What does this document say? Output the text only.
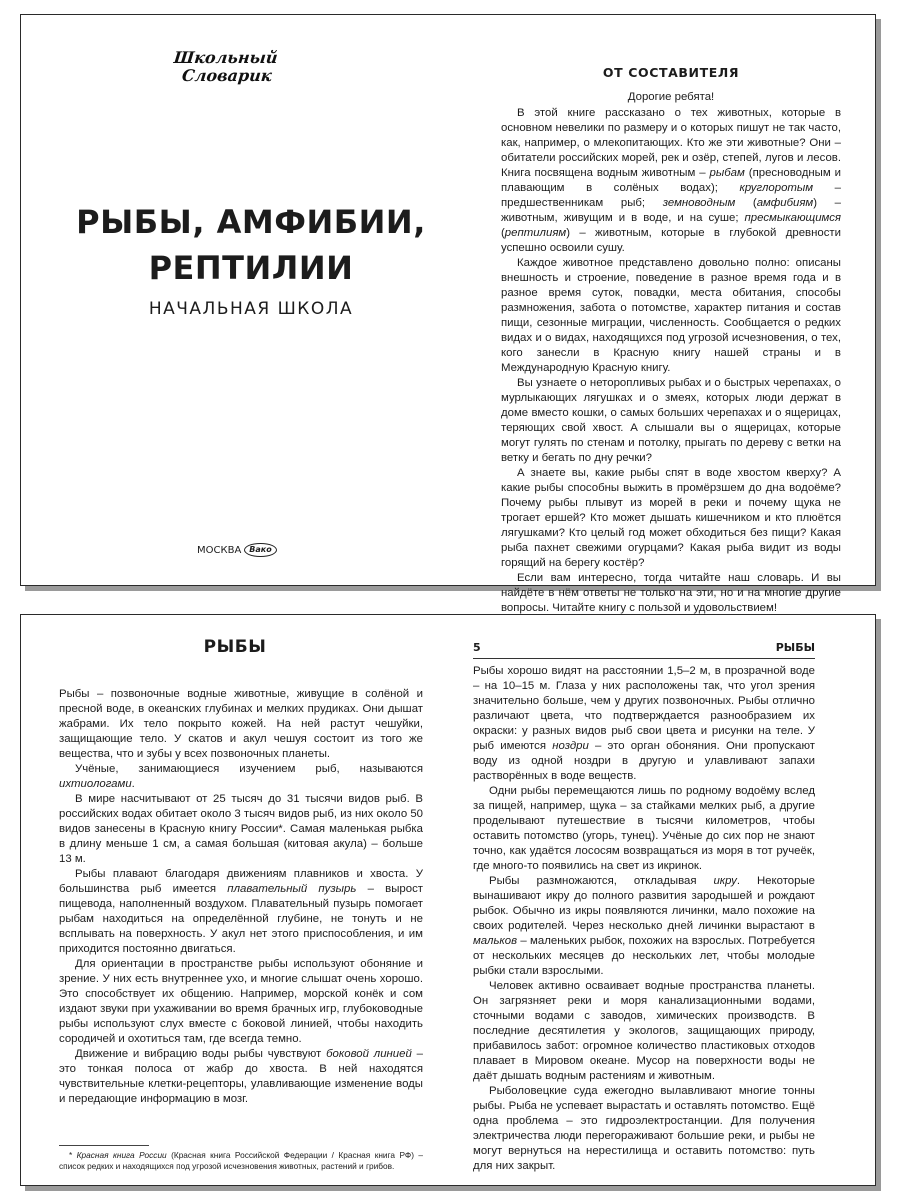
Школьный
Словарик
РЫБЫ, АМФИБИИ,
РЕПТИЛИИ
НАЧАЛЬНАЯ ШКОЛА
МОСКВА	Вако
ОТ СОСТАВИТЕЛЯ
Дорогие ребята!

В этой книге рассказано о тех животных, которые в основном невелики по размеру и о которых пишут не так часто, как, например, о млекопитающих. Кто же эти животные? Они – обитатели российских морей, рек и озёр, степей, лугов и лесов. Книга посвящена водным животным – рыбам (пресноводным и плавающим в солёных водах); круглоротым – предшественникам рыб; земноводным (амфибиям) – животным, живущим и в воде, и на суше; пресмыкающимся (рептилиям) – животным, которые в глубокой древности успешно освоили сушу.

Каждое животное представлено довольно полно: описаны внешность и строение, поведение в разное время года и в разное время суток, повадки, места обитания, способы размножения, забота о потомстве, характер питания и состав пищи, сезонные миграции, численность. Сообщается о редких видах и о видах, находящихся под угрозой исчезновения, о тех, кого занесли в Красную книгу нашей страны и в Международную Красную книгу.

Вы узнаете о неторопливых рыбах и о быстрых черепахах, о мурлыкающих лягушках и о змеях, которых люди держат в доме вместо кошки, о самых больших черепахах и о ящерицах, теряющих свой хвост. А слышали вы о ящерицах, которые могут гулять по стенам и потолку, прыгать по дереву с ветки на ветку и бегать по дну речки?

А знаете вы, какие рыбы спят в воде хвостом кверху? А какие рыбы способны выжить в промёрзшем до дна водоёме? Почему рыбы плывут из морей в реки и почему щука не трогает ершей? Кто может дышать кишечником и кто плюётся лягушками? Кто целый год может обходиться без пищи? Какая рыба пахнет свежими огурцами? Какая рыба видит из воды горящий на берегу костёр?

Если вам интересно, тогда читайте наш словарь. И вы найдёте в нём ответы не только на эти, но и на многие другие вопросы. Читайте книгу с пользой и удовольствием!

РЫБЫ

Рыбы – позвоночные водные животные, живущие в солёной и пресной воде, в океанских глубинах и мелких прудиках. Они дышат жабрами. Их тело покрыто кожей. На ней растут чешуйки, защищающие тело. У скатов и акул чешуя состоит из того же вещества, что и зубы у всех позвоночных планеты.

Учёные, занимающиеся изучением рыб, называются ихтиологами.

В мире насчитывают от 25 тысяч до 31 тысячи видов рыб. В российских водах обитает около 3 тысяч видов рыб, из них около 50 видов занесены в Красную книгу России*. Самая маленькая рыбка в длину меньше 1 см, а самая большая (китовая акула) – больше 13 м.

Рыбы плавают благодаря движениям плавников и хвоста. У большинства рыб имеется плавательный пузырь – вырост пищевода, наполненный воздухом. Плавательный пузырь помогает рыбам находиться на определённой глубине, не тонуть и не всплывать на поверхность. У акул нет этого приспособления, и им приходится постоянно двигаться.

Для ориентации в пространстве рыбы используют обоняние и зрение. У них есть внутреннее ухо, и многие слышат очень хорошо. Это способствует их общению. Например, морской конёк и сом издают звуки при ухаживании во время брачных игр, глубоководные рыбы используют слух вместе с боковой линией, чтобы находить сородичей и охотиться там, где всегда темно.

Движение и вибрацию воды рыбы чувствуют боковой линией – это тонкая полоса от жабр до хвоста. В ней находятся чувствительные клетки-рецепторы, улавливающие изменение воды и передающие информацию в мозг.

* Красная книга России (Красная книга Российской Федерации / Красная книга РФ) – список редких и находящихся под угрозой исчезновения животных, растений и грибов.
5	РЫБЫ

Рыбы хорошо видят на расстоянии 1,5–2 м, в прозрачной воде – на 10–15 м. Глаза у них расположены так, что угол зрения значительно больше, чем у других позвоночных. Рыбы отлично различают цвета, что подтверждается разнообразием их окраски: у разных видов рыб свои цвета и рисунки на теле. У рыб имеются ноздри – это орган обоняния. Они пропускают воду из одной ноздри в другую и улавливают запахи растворённых в воде веществ.

Одни рыбы перемещаются лишь по родному водоёму вслед за пищей, например, щука – за стайками мелких рыб, а другие проделывают путешествие в тысячи километров, чтобы оставить потомство (угорь, тунец). Учёные до сих пор не знают точно, как удаётся лососям возвращаться из моря в тот ручеёк, где много-то появились на свет из икринок.

Рыбы размножаются, откладывая икру. Некоторые вынашивают икру до полного развития зародышей и рождают рыбок. Обычно из икры появляются личинки, мало похожие на своих родителей. Через несколько дней личинки вырастают в мальков – маленьких рыбок, похожих на взрослых. Потребуется от нескольких месяцев до нескольких лет, чтобы молодые рыбки стали взрослыми.

Человек активно осваивает водные пространства планеты. Он загрязняет реки и моря канализационными водами, сточными водами с заводов, химических производств. В последние десятилетия у экологов, защищающих природу, прибавилось забот: огромное количество пластиковых отходов плавает в Мировом океане. Мусор на поверхности воды не даёт дышать водным растениям и животным.

Рыболовецкие суда ежегодно вылавливают многие тонны рыбы. Рыба не успевает вырастать и оставлять потомство. Ещё одна проблема – это гидроэлектростанции. Для получения электричества люди перегораживают большие реки, и рыбы не могут вернуться на нерестилища и оставить потомство: путь для них закрыт.
